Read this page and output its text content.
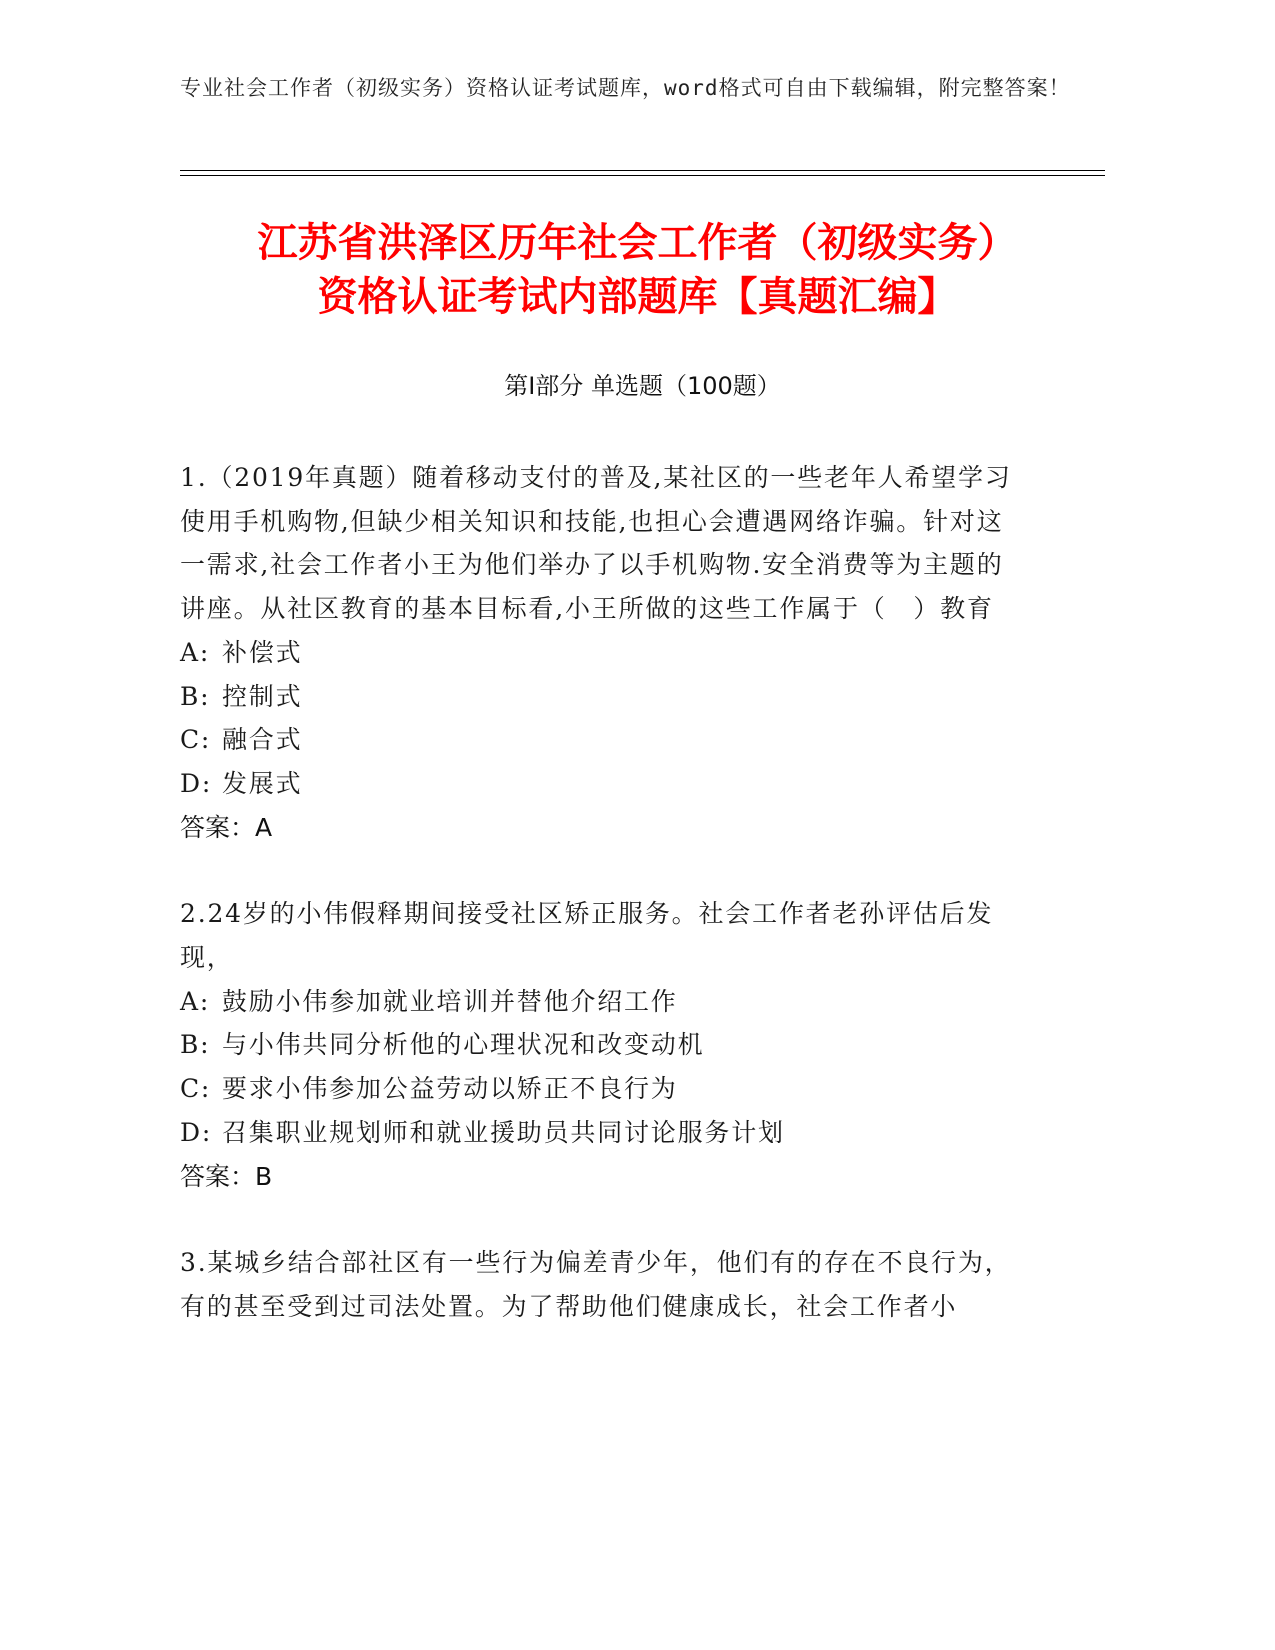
专业社会工作者（初级实务）资格认证考试题库，word格式可自由下载编辑，附完整答案！
江苏省洪泽区历年社会工作者（初级实务）
资格认证考试内部题库【真题汇编】
第Ⅰ部分 单选题（100题）
1.（2019年真题）随着移动支付的普及,某社区的一些老年人希望学习使用手机购物,但缺少相关知识和技能,也担心会遭遇网络诈骗。针对这一需求,社会工作者小王为他们举办了以手机购物.安全消费等为主题的讲座。从社区教育的基本目标看,小王所做的这些工作属于（　）教育
A: 补偿式
B: 控制式
C: 融合式
D: 发展式
答案：A
2.24岁的小伟假释期间接受社区矫正服务。社会工作者老孙评估后发现，
A: 鼓励小伟参加就业培训并替他介绍工作
B: 与小伟共同分析他的心理状况和改变动机
C: 要求小伟参加公益劳动以矫正不良行为
D: 召集职业规划师和就业援助员共同讨论服务计划
答案：B
3.某城乡结合部社区有一些行为偏差青少年，他们有的存在不良行为，有的甚至受到过司法处置。为了帮助他们健康成长，社会工作者小
